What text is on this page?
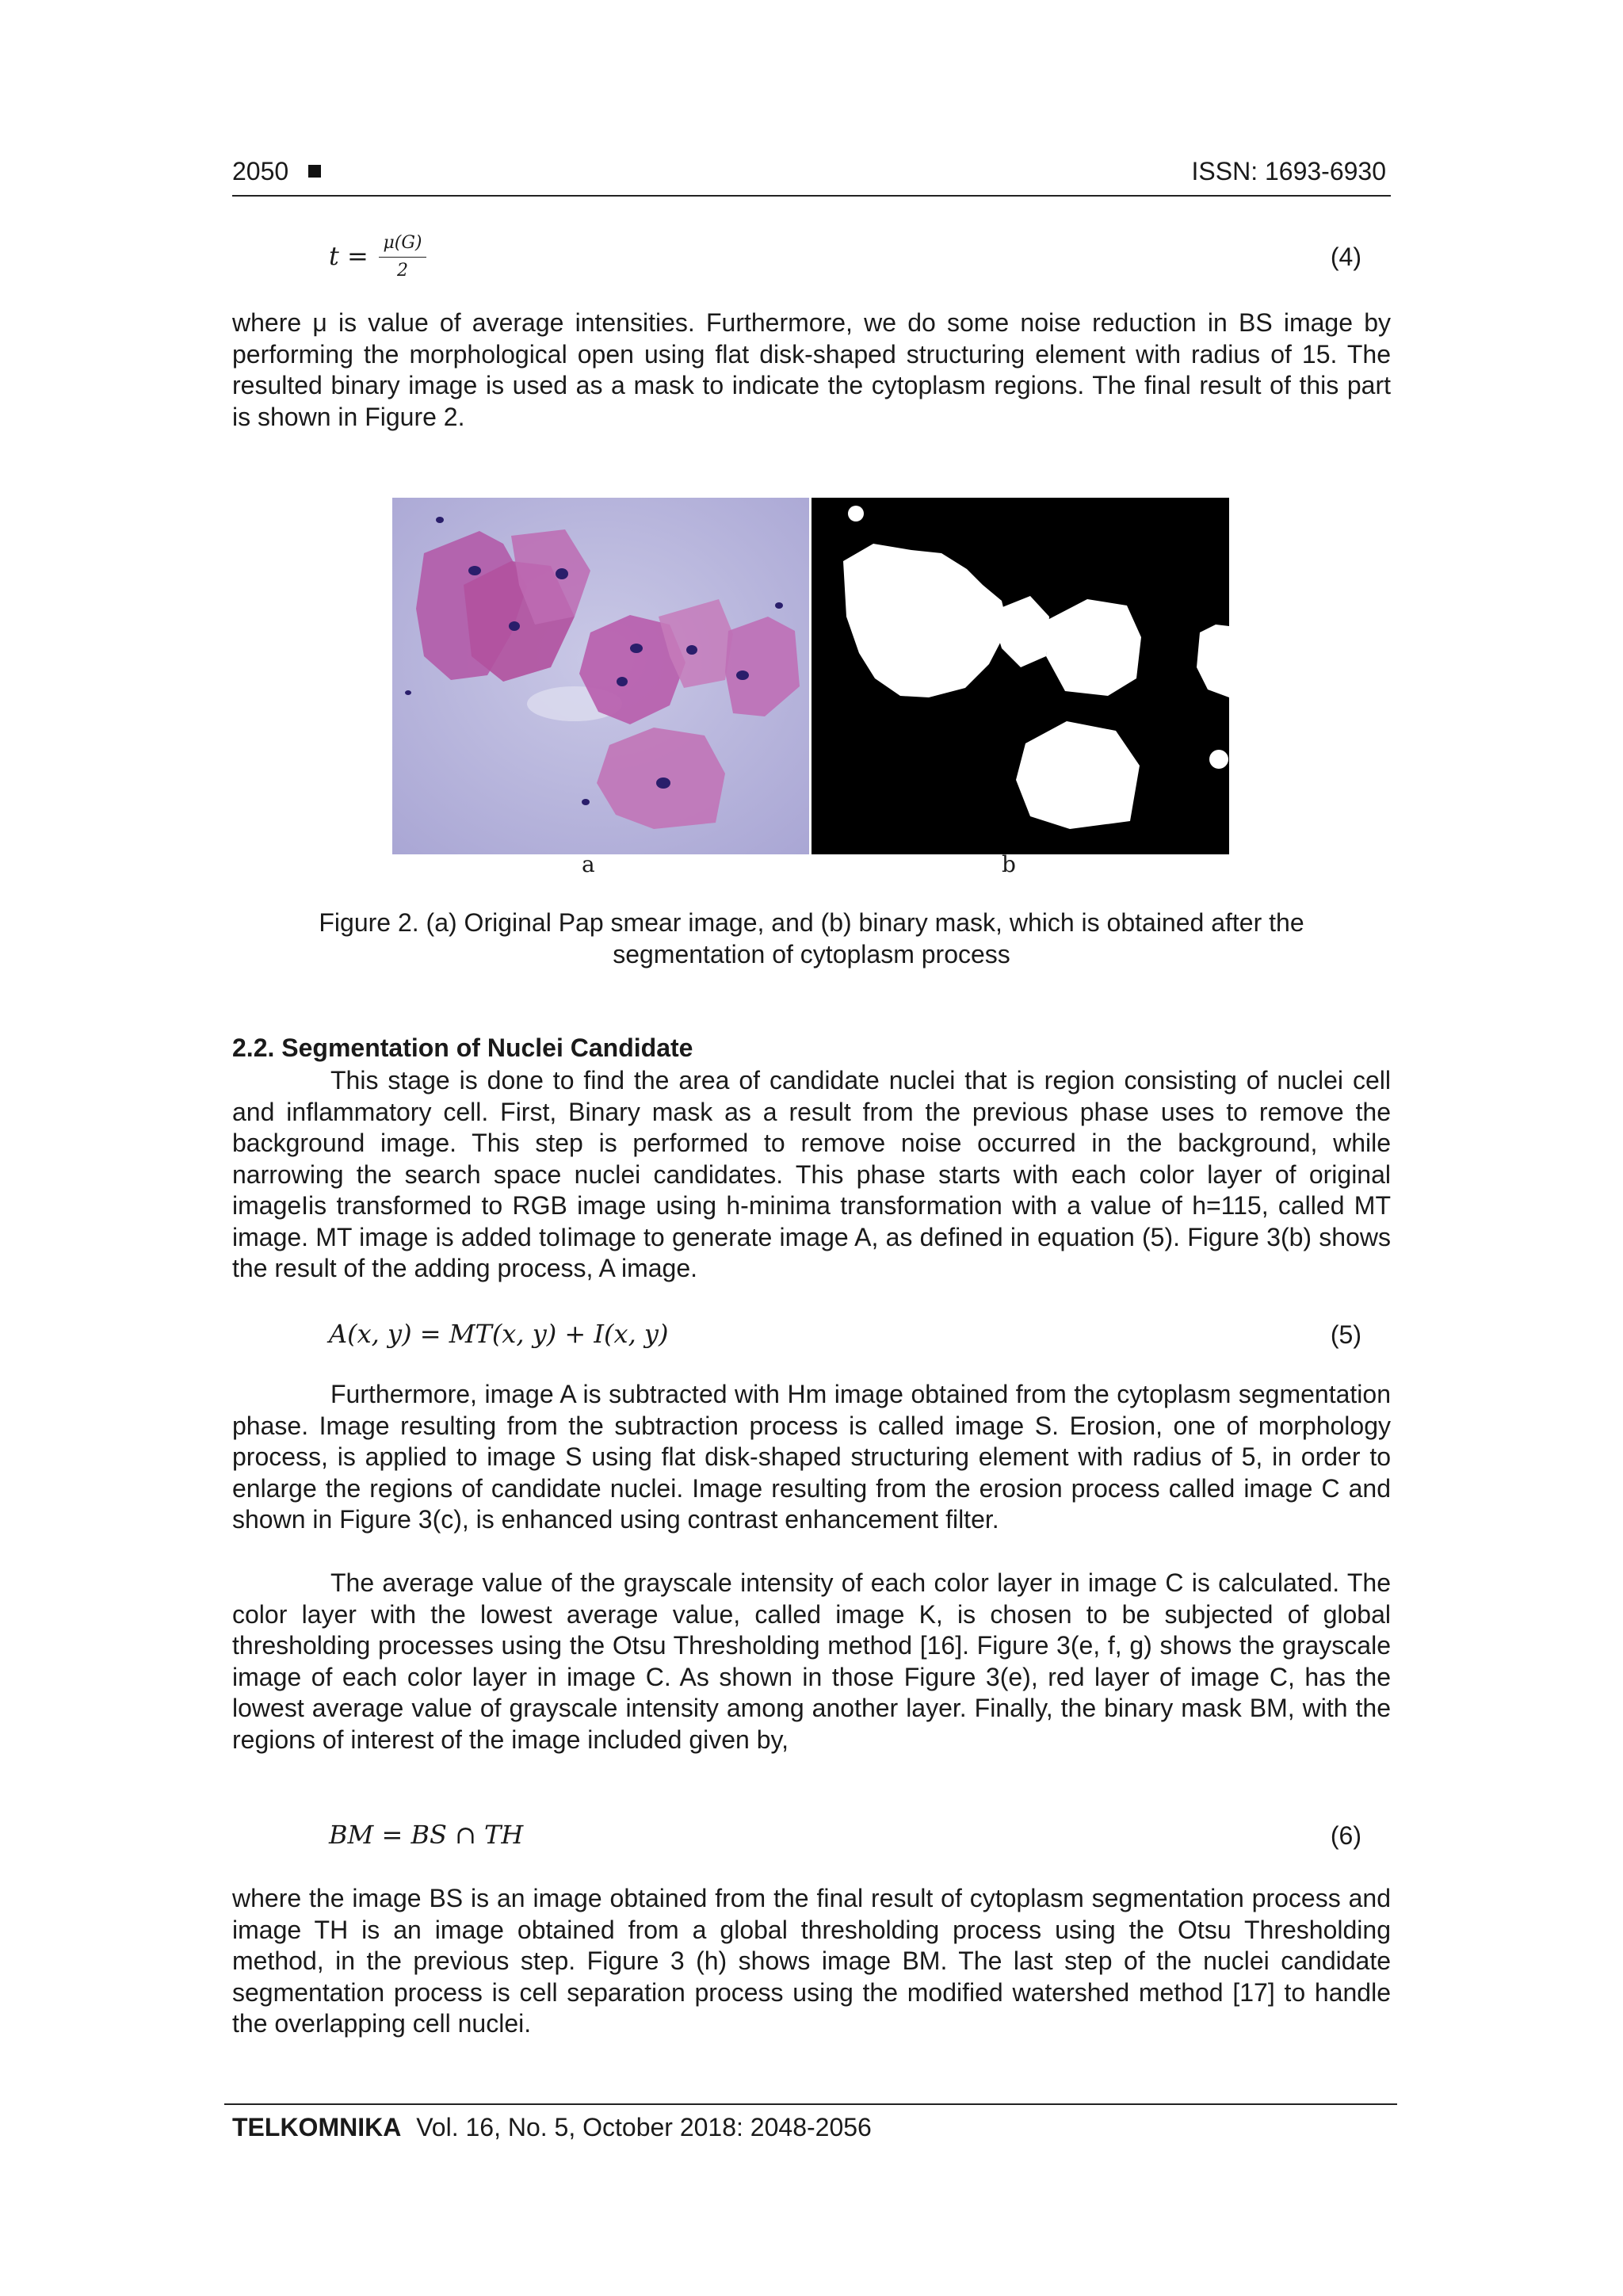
2050	ISSN: 1693-6930
t = μ(G)
2	(4)

where μ is value of average intensities. Furthermore, we do some noise reduction in BS image by performing the morphological open using flat disk-shaped structuring element with radius of 15. The resulted binary image is used as a mask to indicate the cytoplasm regions. The final result of this part is shown in Figure 2.

a	b
Figure 2. (a) Original Pap smear image, and (b) binary mask, which is obtained after the
segmentation of cytoplasm process
2.2. Segmentation of Nuclei Candidate

This stage is done to find the area of candidate nuclei that is region consisting of nuclei cell and inflammatory cell. First, Binary mask as a result from the previous phase uses to remove the background image. This step is performed to remove noise occurred in the background, while narrowing the search space nuclei candidates. This phase starts with each color layer of original imageIis transformed to RGB image using h-minima transformation with a value of h=115, called MT image. MT image is added toIimage to generate image A, as defined in equation (5). Figure 3(b) shows the result of the adding process, A image.

A(x, y) = MT(x, y) + I(x, y)	(5)

Furthermore, image A is subtracted with Hm image obtained from the cytoplasm segmentation phase. Image resulting from the subtraction process is called image S. Erosion, one of morphology process, is applied to image S using flat disk-shaped structuring element with radius of 5, in order to enlarge the regions of candidate nuclei. Image resulting from the erosion process called image C and shown in Figure 3(c), is enhanced using contrast enhancement filter.

The average value of the grayscale intensity of each color layer in image C is calculated. The color layer with the lowest average value, called image K, is chosen to be subjected of global thresholding processes using the Otsu Thresholding method [16]. Figure 3(e, f, g) shows the grayscale image of each color layer in image C. As shown in those Figure 3(e), red layer of image C, has the lowest average value of grayscale intensity among another layer. Finally, the binary mask BM, with the regions of interest of the image included given by,

BM = BS ∩ TH	(6)

where the image BS is an image obtained from the final result of cytoplasm segmentation process and image TH is an image obtained from a global thresholding process using the Otsu Thresholding method, in the previous step. Figure 3 (h) shows image BM. The last step of the nuclei candidate segmentation process is cell separation process using the modified watershed method [17] to handle the overlapping cell nuclei.

TELKOMNIKA Vol. 16, No. 5, October 2018: 2048-2056
